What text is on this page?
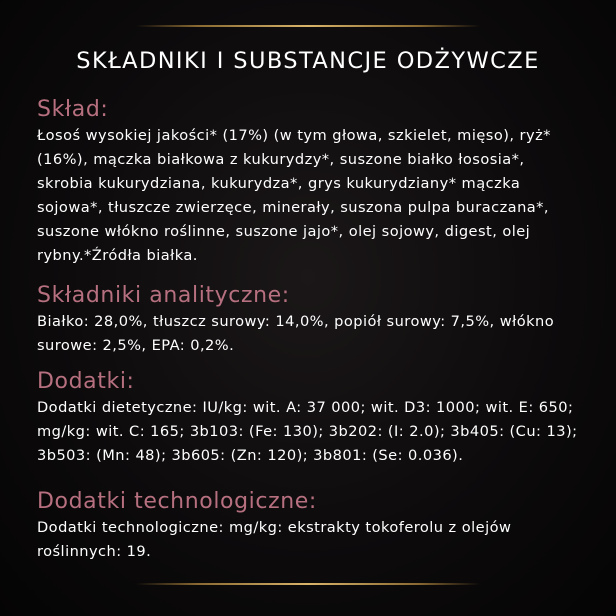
SKŁADNIKI I SUBSTANCJE ODŻYWCZE
Skład:

Łosoś wysokiej jakości* (17%) (w tym głowa, szkielet, mięso), ryż* (16%), mączka białkowa z kukurydzy*, suszone białko łososia*, skrobia kukurydziana, kukurydza*, grys kukurydziany* mączka sojowa*, tłuszcze zwierzęce, minerały, suszona pulpa buraczana*, suszone włókno roślinne, suszone jajo*, olej sojowy, digest, olej rybny.*Źródła białka.

Składniki analityczne:

Białko: 28,0%, tłuszcz surowy: 14,0%, popiół surowy: 7,5%, włókno surowe: 2,5%, EPA: 0,2%.

Dodatki:

Dodatki dietetyczne: IU/kg: wit. A: 37 000; wit. D3: 1000; wit. E: 650; mg/kg: wit. C: 165; 3b103: (Fe: 130); 3b202: (I: 2.0); 3b405: (Cu: 13); 3b503: (Mn: 48); 3b605: (Zn: 120); 3b801: (Se: 0.036).

Dodatki technologiczne:

Dodatki technologiczne: mg/kg: ekstrakty tokoferolu z olejów roślinnych: 19.
